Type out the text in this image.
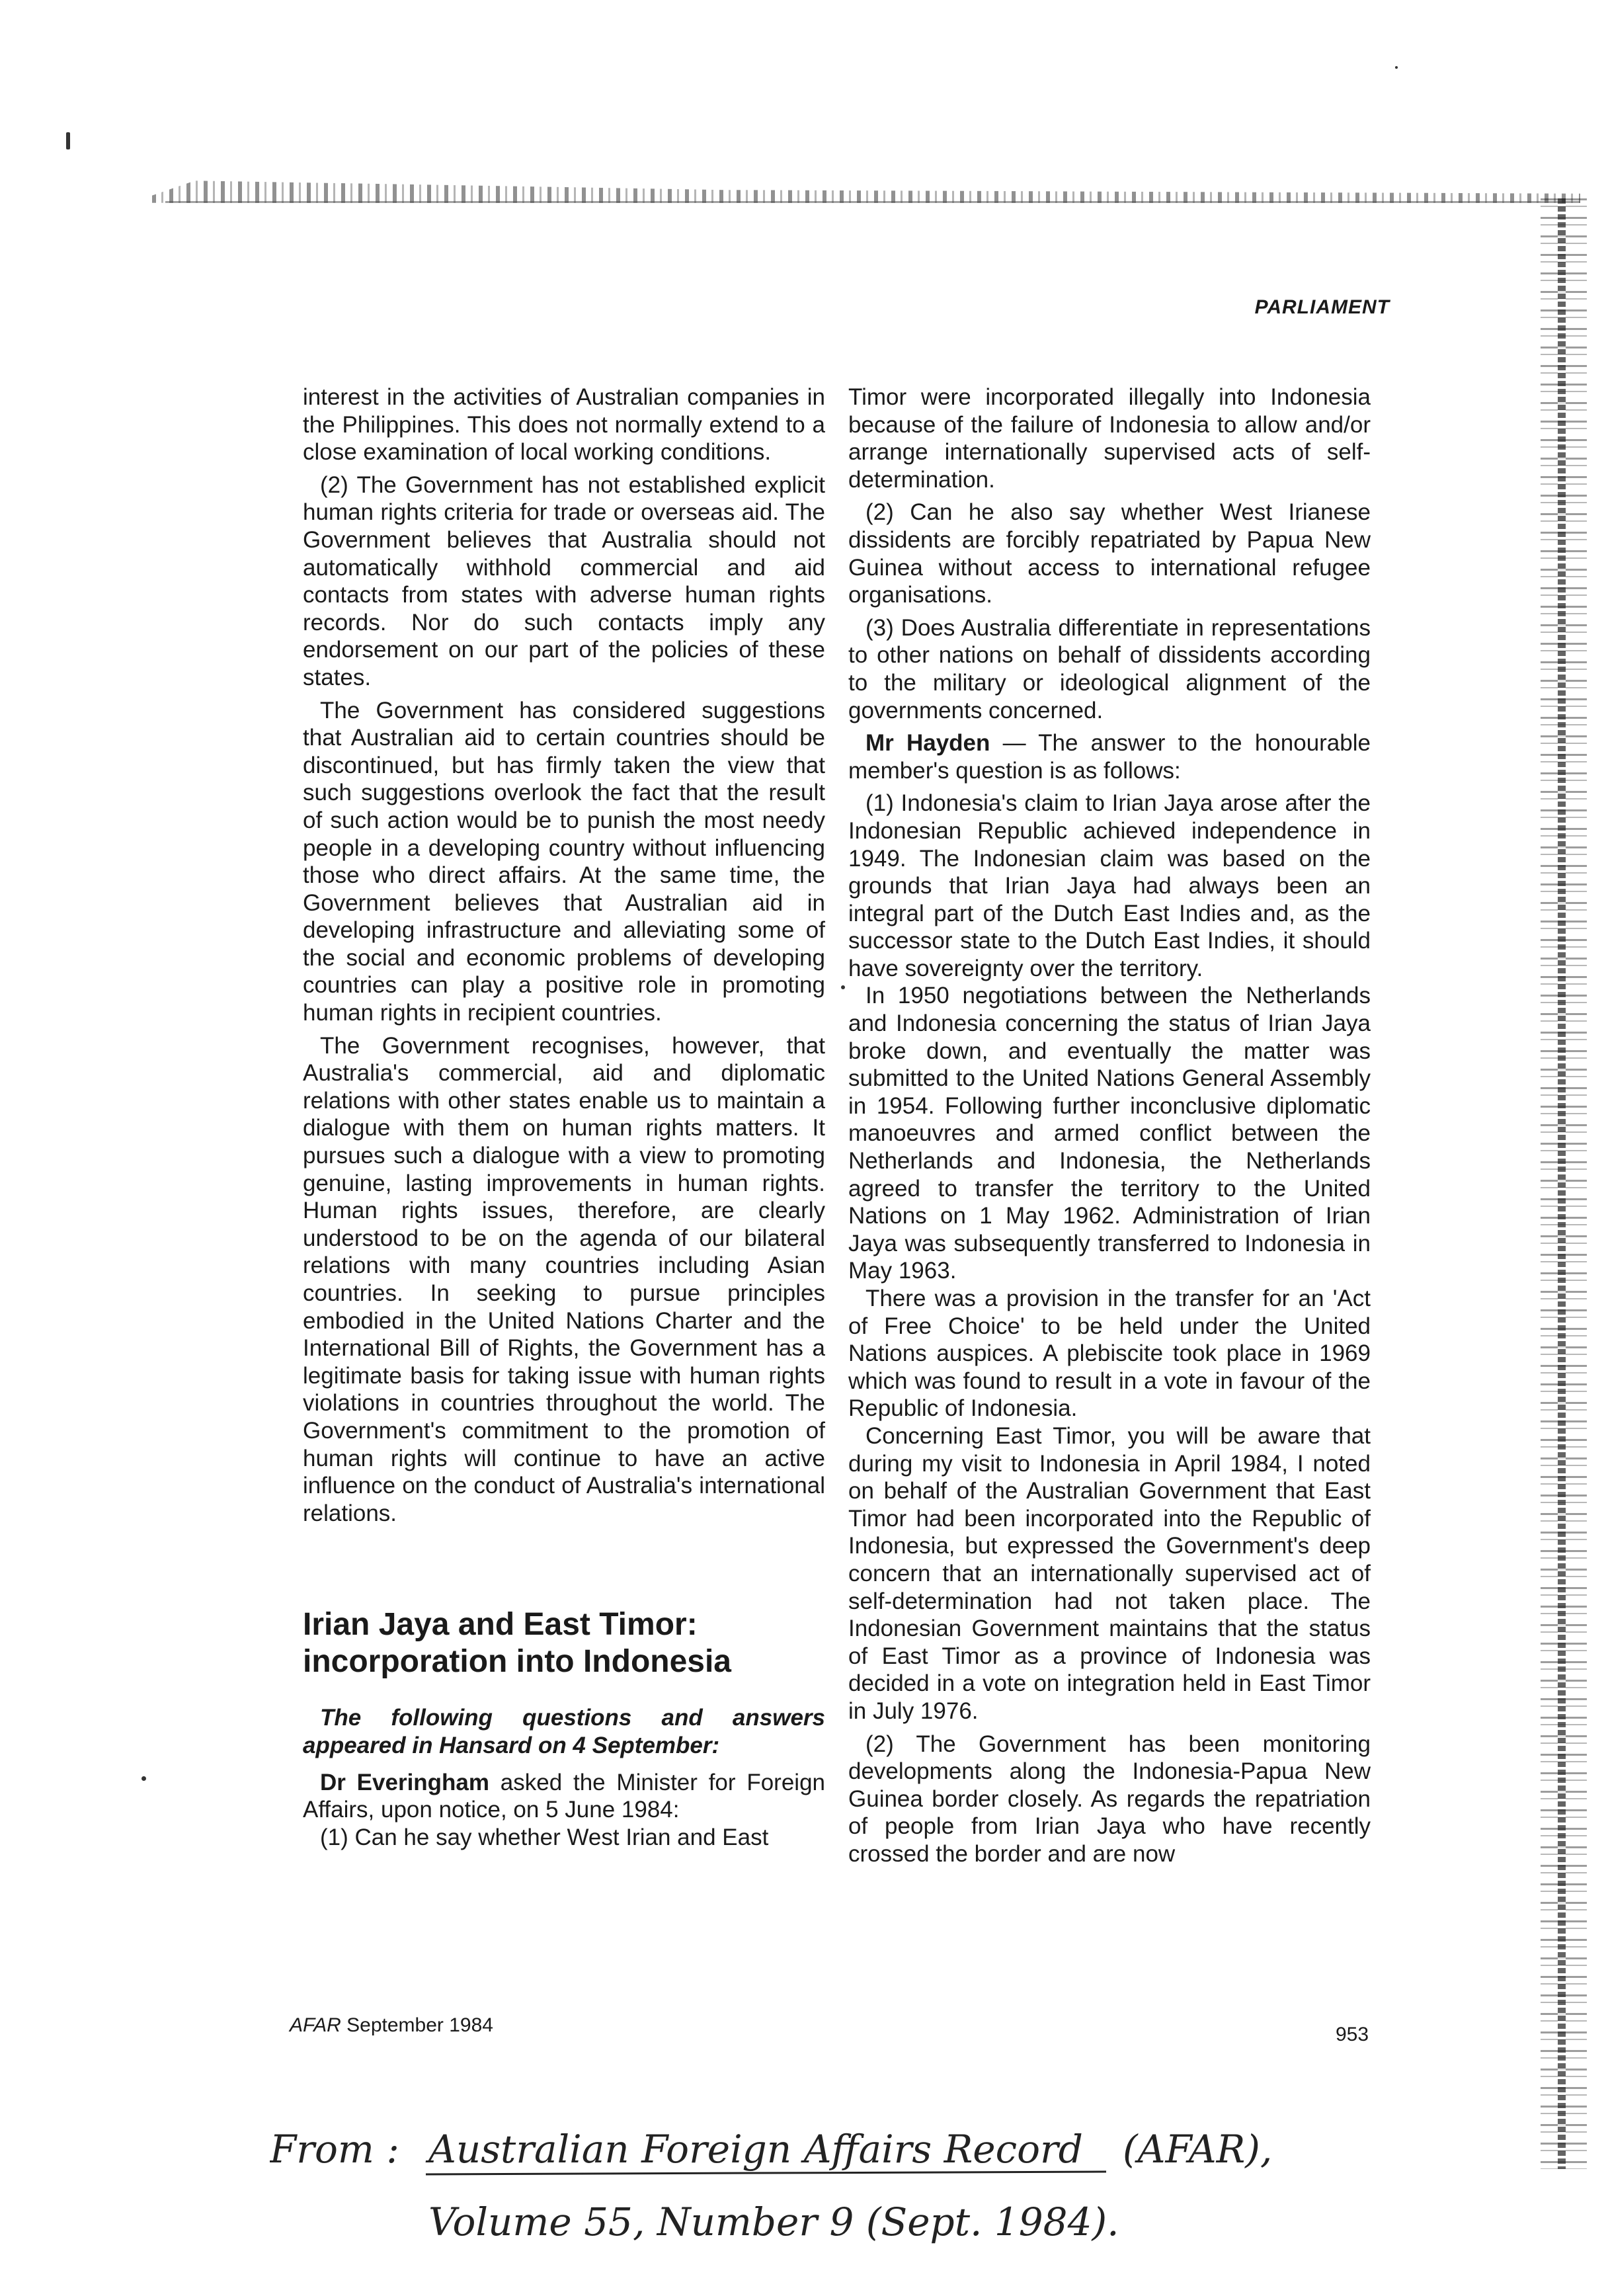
PARLIAMENT

interest in the activities of Australian companies in the Philippines. This does not normally extend to a close examination of local working conditions.

(2) The Government has not established explicit human rights criteria for trade or overseas aid. The Government believes that Australia should not automatically withhold commercial and aid contacts from states with adverse human rights records. Nor do such contacts imply any endorsement on our part of the policies of these states.

The Government has considered suggestions that Australian aid to certain countries should be discontinued, but has firmly taken the view that such suggestions overlook the fact that the result of such action would be to punish the most needy people in a developing country without influencing those who direct affairs. At the same time, the Government believes that Australian aid in developing infrastructure and alleviating some of the social and economic problems of developing countries can play a positive role in promoting human rights in recipient countries.

The Government recognises, however, that Australia's commercial, aid and diplomatic relations with other states enable us to maintain a dialogue with them on human rights matters. It pursues such a dialogue with a view to promoting genuine, lasting improvements in human rights. Human rights issues, therefore, are clearly understood to be on the agenda of our bilateral relations with many countries including Asian countries. In seeking to pursue principles embodied in the United Nations Charter and the International Bill of Rights, the Government has a legitimate basis for taking issue with human rights violations in countries throughout the world. The Government's commitment to the promotion of human rights will continue to have an active influence on the conduct of Australia's international relations.

Irian Jaya and East Timor: incorporation into Indonesia

The following questions and answers appeared in Hansard on 4 September:

Dr Everingham asked the Minister for Foreign Affairs, upon notice, on 5 June 1984:

(1) Can he say whether West Irian and East

Timor were incorporated illegally into Indonesia because of the failure of Indonesia to allow and/or arrange internationally supervised acts of self-determination.

(2) Can he also say whether West Irianese dissidents are forcibly repatriated by Papua New Guinea without access to international refugee organisations.

(3) Does Australia differentiate in representations to other nations on behalf of dissidents according to the military or ideological alignment of the governments concerned.

Mr Hayden — The answer to the honourable member's question is as follows:

(1) Indonesia's claim to Irian Jaya arose after the Indonesian Republic achieved independence in 1949. The Indonesian claim was based on the grounds that Irian Jaya had always been an integral part of the Dutch East Indies and, as the successor state to the Dutch East Indies, it should have sovereignty over the territory.

In 1950 negotiations between the Netherlands and Indonesia concerning the status of Irian Jaya broke down, and eventually the matter was submitted to the United Nations General Assembly in 1954. Following further inconclusive diplomatic manoeuvres and armed conflict between the Netherlands and Indonesia, the Netherlands agreed to transfer the territory to the United Nations on 1 May 1962. Administration of Irian Jaya was subsequently transferred to Indonesia in May 1963.

There was a provision in the transfer for an 'Act of Free Choice' to be held under the United Nations auspices. A plebiscite took place in 1969 which was found to result in a vote in favour of the Republic of Indonesia.

Concerning East Timor, you will be aware that during my visit to Indonesia in April 1984, I noted on behalf of the Australian Government that East Timor had been incorporated into the Republic of Indonesia, but expressed the Government's deep concern that an internationally supervised act of self-determination had not taken place. The Indonesian Government maintains that the status of East Timor as a province of Indonesia was decided in a vote on integration held in East Timor in July 1976.

(2) The Government has been monitoring developments along the Indonesia-Papua New Guinea border closely. As regards the repatriation of people from Irian Jaya who have recently crossed the border and are now

AFAR September 1984	953
From : Australian Foreign Affairs Record (AFAR),
Volume 55, Number 9 (Sept. 1984).
